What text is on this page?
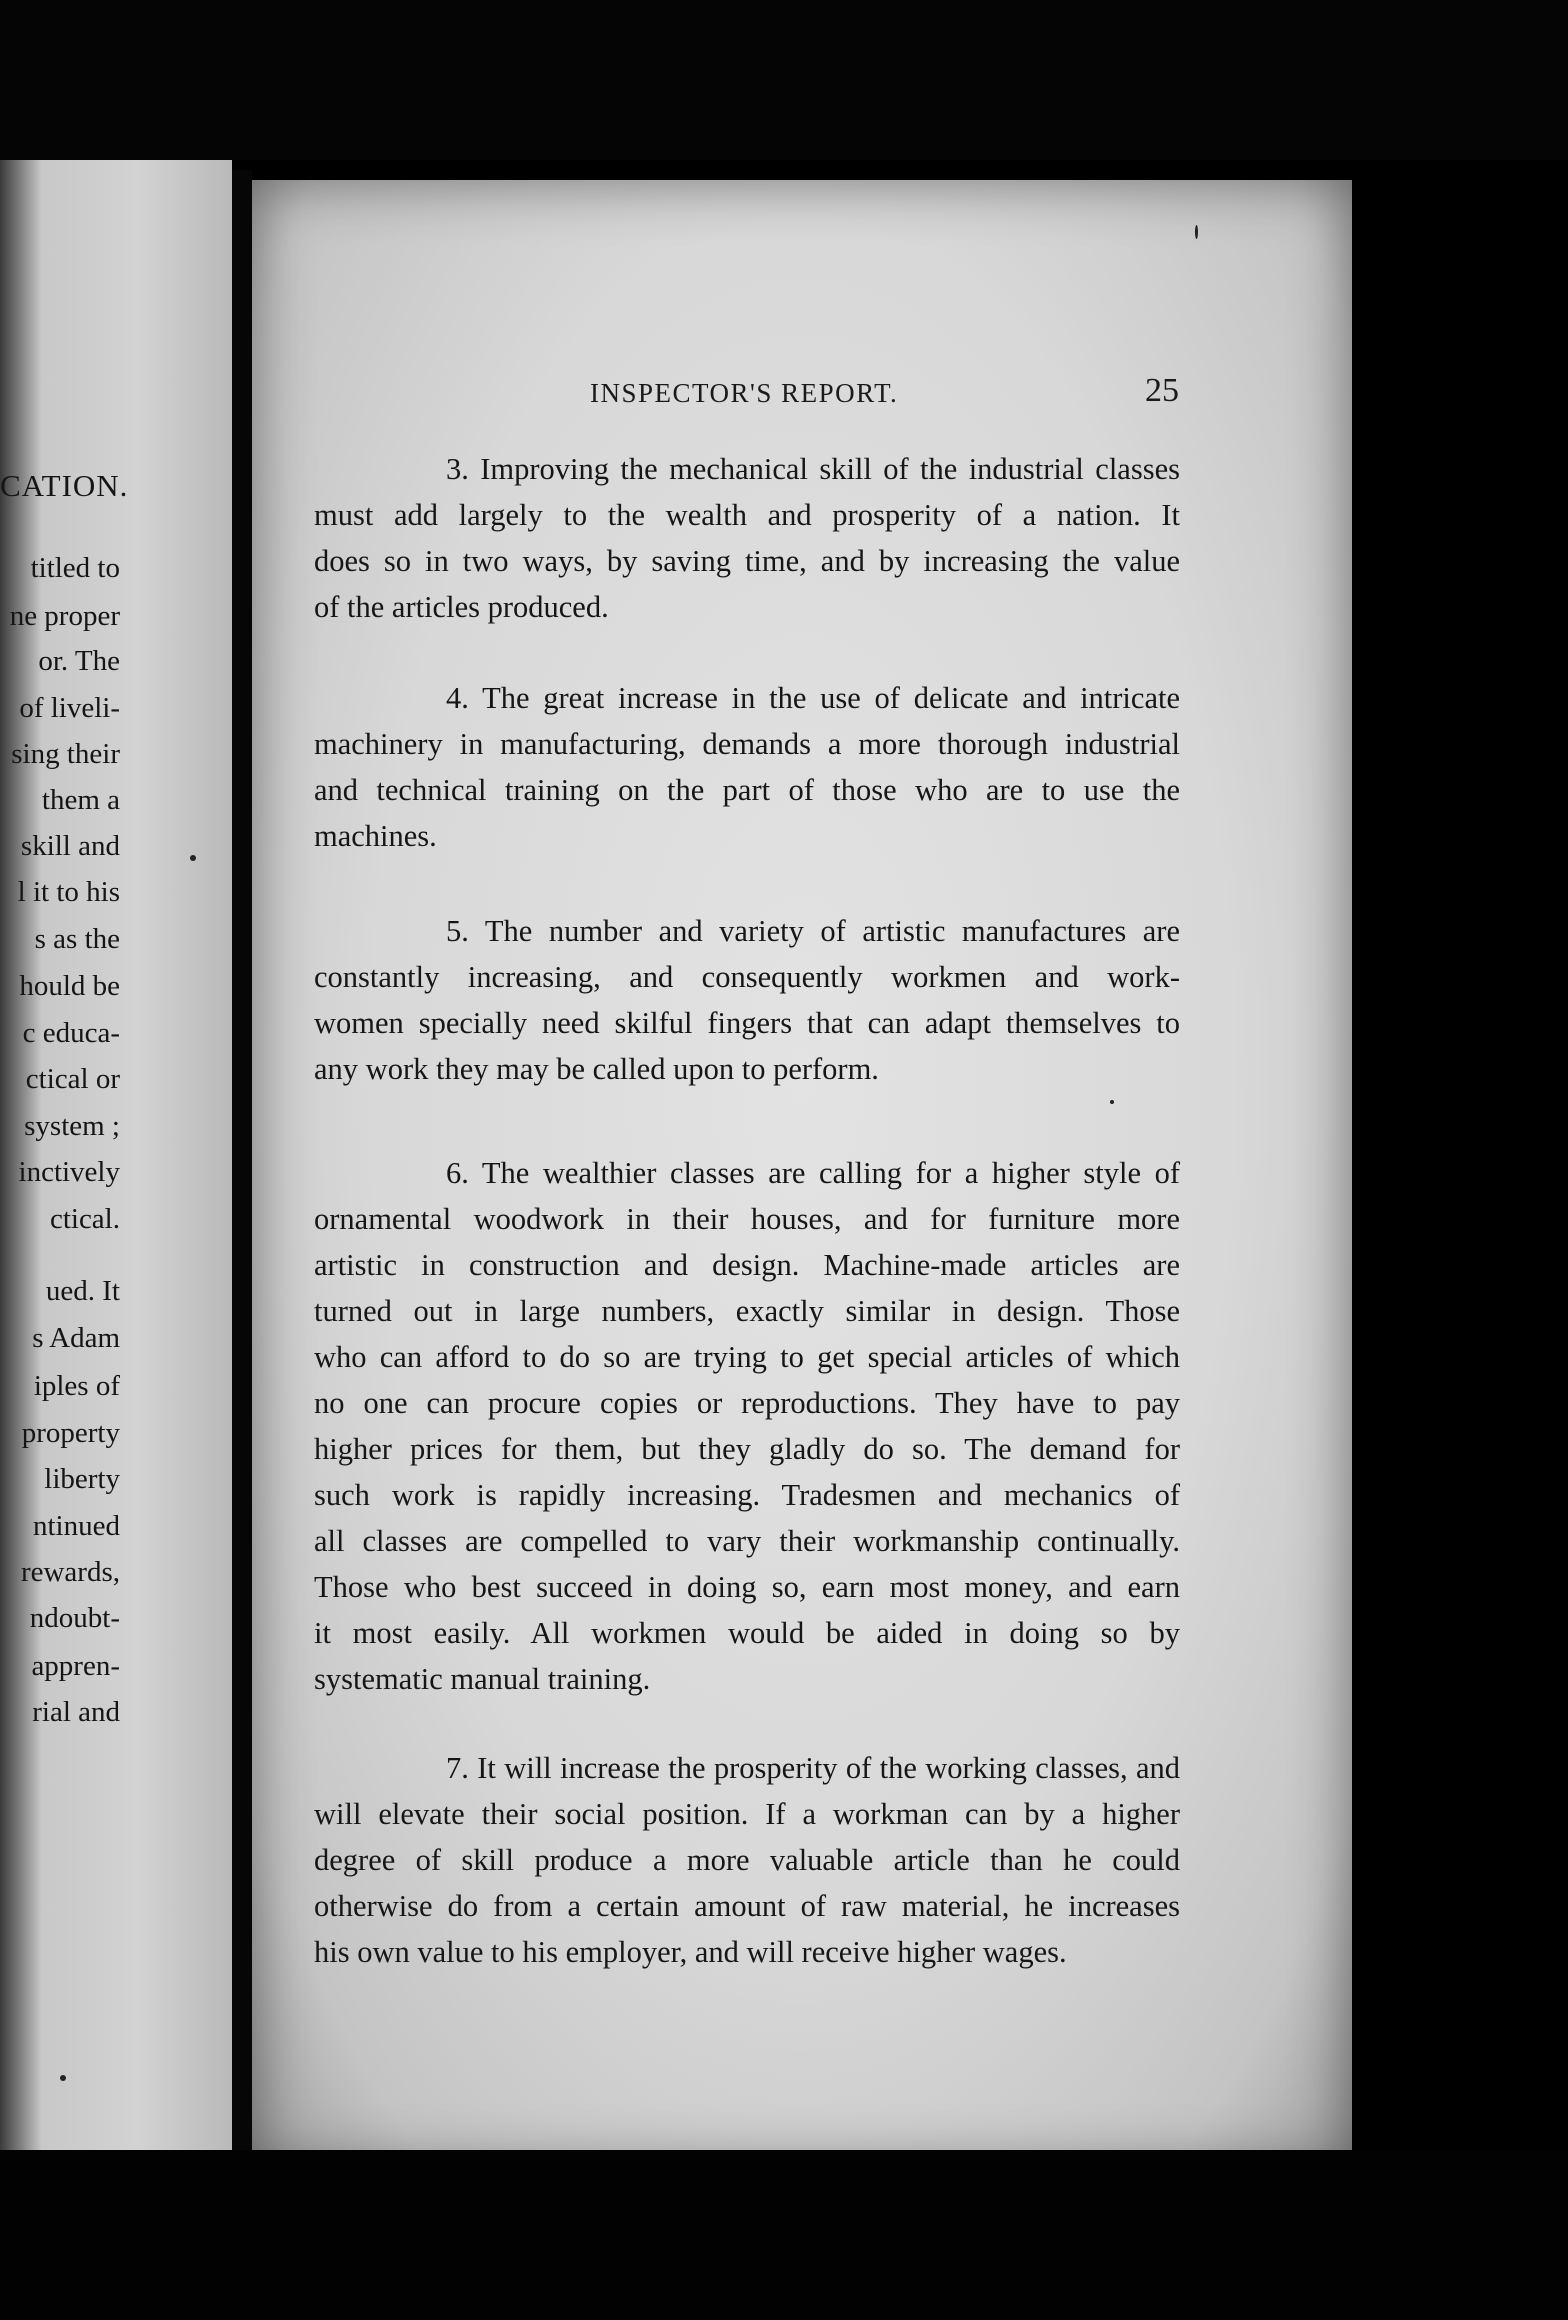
CATION.
titled to
ne proper
or. The
of liveli-
sing their
them a
skill and
l it to his
s as the
hould be
c educa-
ctical or
system ;
inctively
ctical.
ued. It
s Adam
iples of
property
liberty
ntinued
rewards,
ndoubt-
appren-
rial and
INSPECTOR'S REPORT.	25
3. Improving the mechanical skill of the industrial classes
must add largely to the wealth and prosperity of a nation. It
does so in two ways, by saving time, and by increasing the value
of the articles produced.
4. The great increase in the use of delicate and intricate
machinery in manufacturing, demands a more thorough industrial
and technical training on the part of those who are to use the
machines.
5. The number and variety of artistic manufactures are
constantly increasing, and consequently workmen and work-
women specially need skilful fingers that can adapt themselves to
any work they may be called upon to perform.
6. The wealthier classes are calling for a higher style of
ornamental woodwork in their houses, and for furniture more
artistic in construction and design. Machine-made articles are
turned out in large numbers, exactly similar in design. Those
who can afford to do so are trying to get special articles of which
no one can procure copies or reproductions. They have to pay
higher prices for them, but they gladly do so. The demand for
such work is rapidly increasing. Tradesmen and mechanics of
all classes are compelled to vary their workmanship continually.
Those who best succeed in doing so, earn most money, and earn
it most easily. All workmen would be aided in doing so by
systematic manual training.
7. It will increase the prosperity of the working classes, and
will elevate their social position. If a workman can by a higher
degree of skill produce a more valuable article than he could
otherwise do from a certain amount of raw material, he increases
his own value to his employer, and will receive higher wages.
